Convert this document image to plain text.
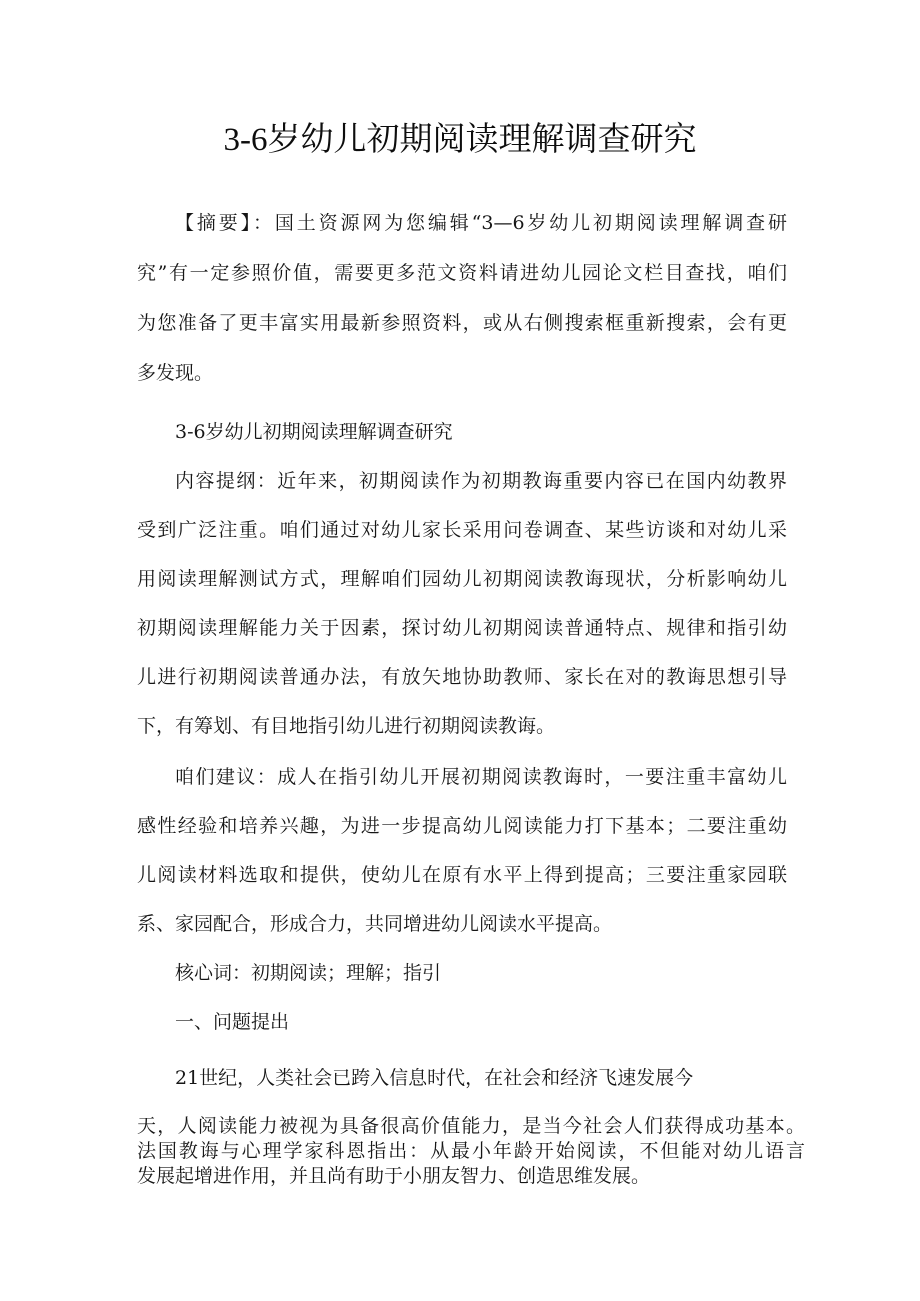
3-6岁幼儿初期阅读理解调查研究
【摘要】：国土资源网为您编辑“3—6岁幼儿初期阅读理解调查研
究”有一定参照价值，需要更多范文资料请进幼儿园论文栏目查找，咱们
为您准备了更丰富实用最新参照资料，或从右侧搜索框重新搜索，会有更
多发现。
3-6岁幼儿初期阅读理解调查研究
内容提纲：近年来，初期阅读作为初期教诲重要内容已在国内幼教界
受到广泛注重。咱们通过对幼儿家长采用问卷调查、某些访谈和对幼儿采
用阅读理解测试方式，理解咱们园幼儿初期阅读教诲现状，分析影响幼儿
初期阅读理解能力关于因素，探讨幼儿初期阅读普通特点、规律和指引幼
儿进行初期阅读普通办法，有放矢地协助教师、家长在对的教诲思想引导
下，有筹划、有目地指引幼儿进行初期阅读教诲。
咱们建议：成人在指引幼儿开展初期阅读教诲时，一要注重丰富幼儿
感性经验和培养兴趣，为进一步提高幼儿阅读能力打下基本；二要注重幼
儿阅读材料选取和提供，使幼儿在原有水平上得到提高；三要注重家园联
系、家园配合，形成合力，共同增进幼儿阅读水平提高。
核心词：初期阅读；理解；指引
一、问题提出
21世纪，人类社会已跨入信息时代，在社会和经济飞速发展今
天，人阅读能力被视为具备很高价值能力，是当今社会人们获得成功基本。
法国教诲与心理学家科恩指出：从最小年龄开始阅读，不但能对幼儿语言
发展起增进作用，并且尚有助于小朋友智力、创造思维发展。
